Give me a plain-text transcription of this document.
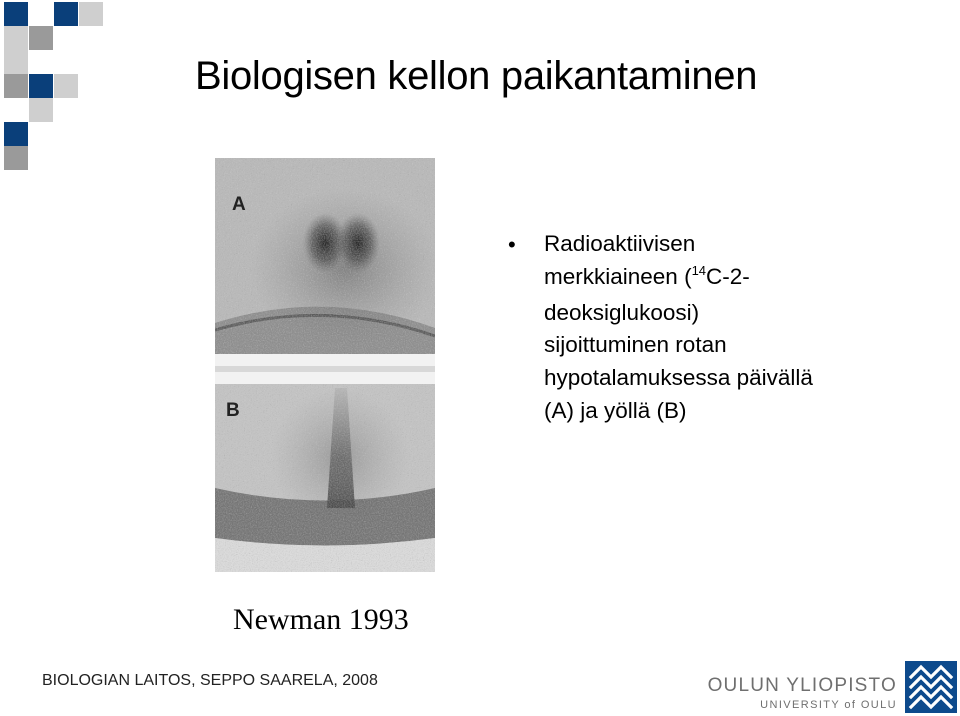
Biologisen kellon paikantaminen
A
B
•	Radioaktiivisen merkkiaineen ($^{14}$C-2-deoksiglukoosi) sijoittuminen rotan hypotalamuksessa päivällä (A) ja yöllä (B)

Newman 1993

BIOLOGIAN LAITOS, SEPPO SAARELA, 2008	OULUN YLIOPISTO
UNIVERSITY of OULU
